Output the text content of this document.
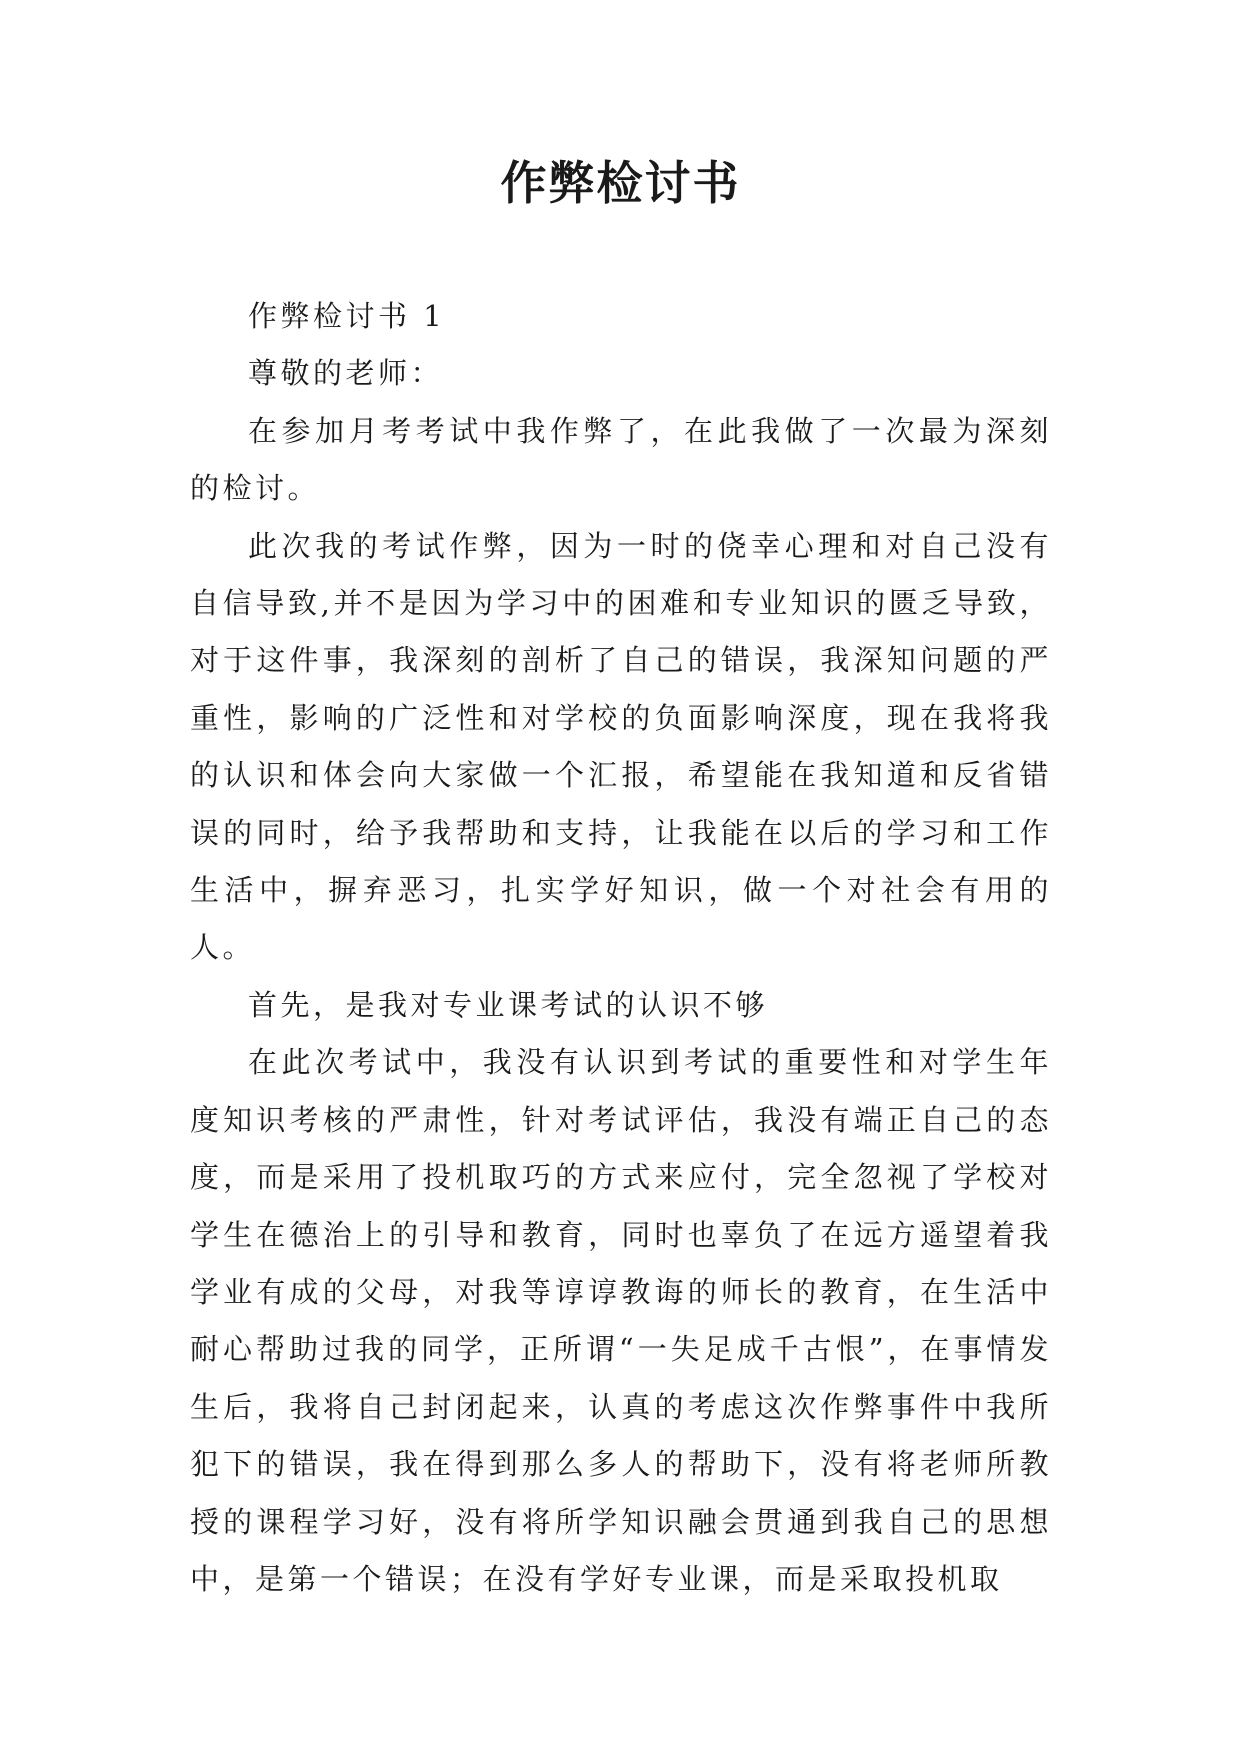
作弊检讨书

作弊检讨书 1

尊敬的老师：

在参加月考考试中我作弊了，在此我做了一次最为深刻的检讨。

此次我的考试作弊，因为一时的侥幸心理和对自己没有自信导致,并不是因为学习中的困难和专业知识的匮乏导致，对于这件事，我深刻的剖析了自己的错误，我深知问题的严重性，影响的广泛性和对学校的负面影响深度，现在我将我的认识和体会向大家做一个汇报，希望能在我知道和反省错误的同时，给予我帮助和支持，让我能在以后的学习和工作生活中，摒弃恶习，扎实学好知识，做一个对社会有用的人。

首先，是我对专业课考试的认识不够

在此次考试中，我没有认识到考试的重要性和对学生年度知识考核的严肃性，针对考试评估，我没有端正自己的态度，而是采用了投机取巧的方式来应付，完全忽视了学校对学生在德治上的引导和教育，同时也辜负了在远方遥望着我学业有成的父母，对我等谆谆教诲的师长的教育，在生活中耐心帮助过我的同学，正所谓“一失足成千古恨”，在事情发生后，我将自己封闭起来，认真的考虑这次作弊事件中我所犯下的错误，我在得到那么多人的帮助下，没有将老师所教授的课程学习好，没有将所学知识融会贯通到我自己的思想中，是第一个错误；在没有学好专业课，而是采取投机取
